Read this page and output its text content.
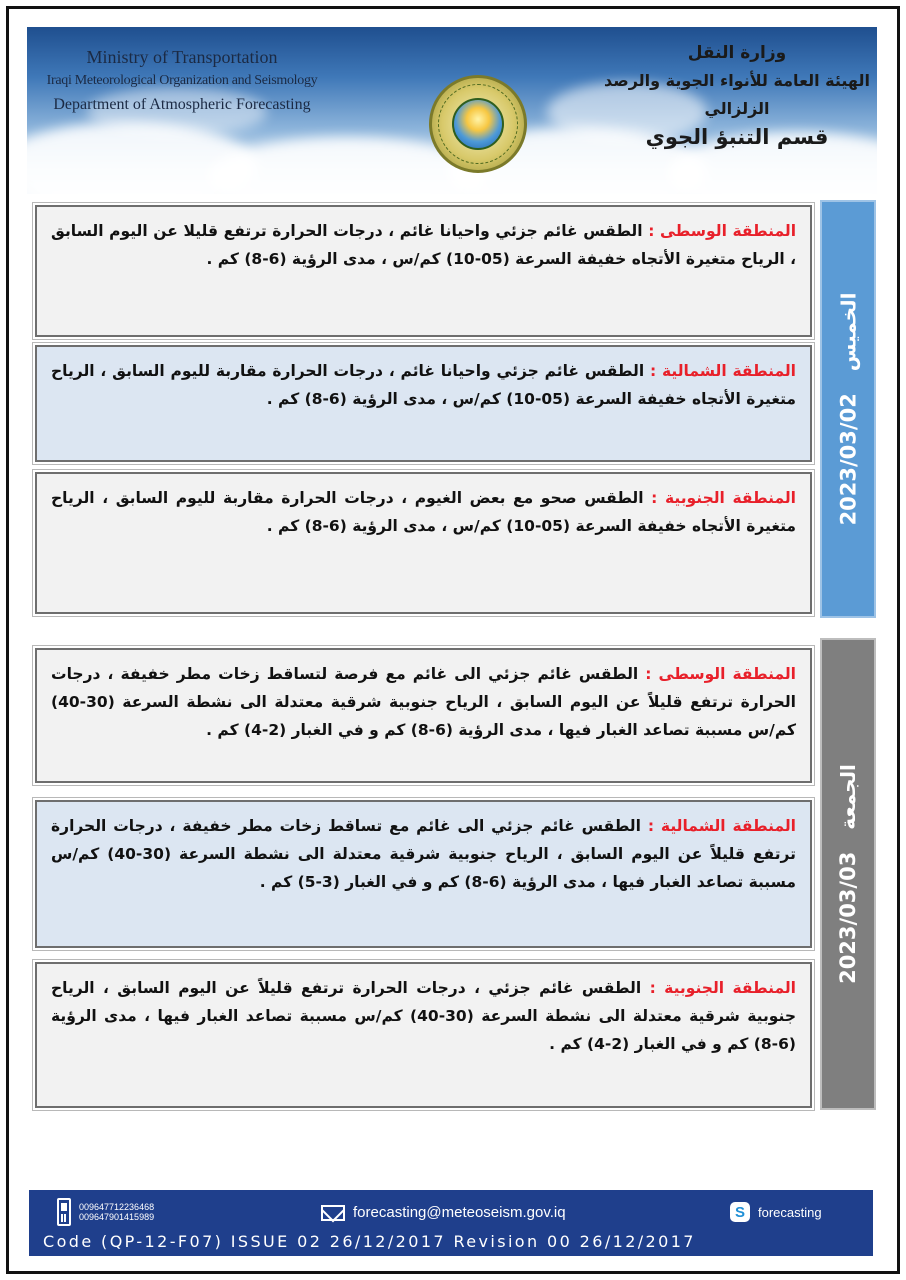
Ministry of Transportation
Iraqi Meteorological Organization and Seismology
Department of Atmospheric Forecasting
وزارة النقل
الهيئة العامة للأنواء الجوية والرصد الزلزالي
قسم التنبؤ الجوي
المنطقة الوسطى : الطقس غائم جزئي واحيانا غائم ، درجات الحرارة ترتفع قليلا عن اليوم السابق ، الرياح متغيرة الأتجاه خفيفة السرعة (05-10) كم/س ، مدى الرؤية (6-8) كم .
المنطقة الشمالية : الطقس غائم جزئي واحيانا غائم ، درجات الحرارة مقاربة لليوم السابق ، الرياح متغيرة الأتجاه خفيفة السرعة (05-10) كم/س ، مدى الرؤية (6-8) كم .
المنطقة الجنوبية : الطقس صحو مع بعض الغيوم ، درجات الحرارة مقاربة لليوم السابق ، الرياح متغيرة الأتجاه خفيفة السرعة (05-10) كم/س ، مدى الرؤية (6-8) كم .
2023/03/02
الخميس
المنطقة الوسطى : الطقس غائم جزئي الى غائم مع فرصة لتساقط زخات مطر خفيفة ، درجات الحرارة ترتفع قليلاً عن اليوم السابق ، الرياح جنوبية شرقية معتدلة الى نشطة السرعة (30-40) كم/س مسببة تصاعد الغبار فيها ، مدى الرؤية (6-8) كم و في الغبار (2-4) كم .
المنطقة الشمالية : الطقس غائم جزئي الى غائم مع تساقط زخات مطر خفيفة ، درجات الحرارة ترتفع قليلاً عن اليوم السابق ، الرياح جنوبية شرقية معتدلة الى نشطة السرعة (30-40) كم/س مسببة تصاعد الغبار فيها ، مدى الرؤية (6-8) كم و في الغبار (3-5) كم .
المنطقة الجنوبية : الطقس غائم جزئي ، درجات الحرارة ترتفع قليلاً عن اليوم السابق ، الرياح جنوبية شرقية معتدلة الى نشطة السرعة (30-40) كم/س مسببة تصاعد الغبار فيها ، مدى الرؤية (6-8) كم و في الغبار (2-4) كم .
2023/03/03
الجمعة
009647712236468
009647901415989	forecasting@meteoseism.gov.iq	S	forecasting
Code (QP-12-F07) ISSUE 02 26/12/2017 Revision 00 26/12/2017
